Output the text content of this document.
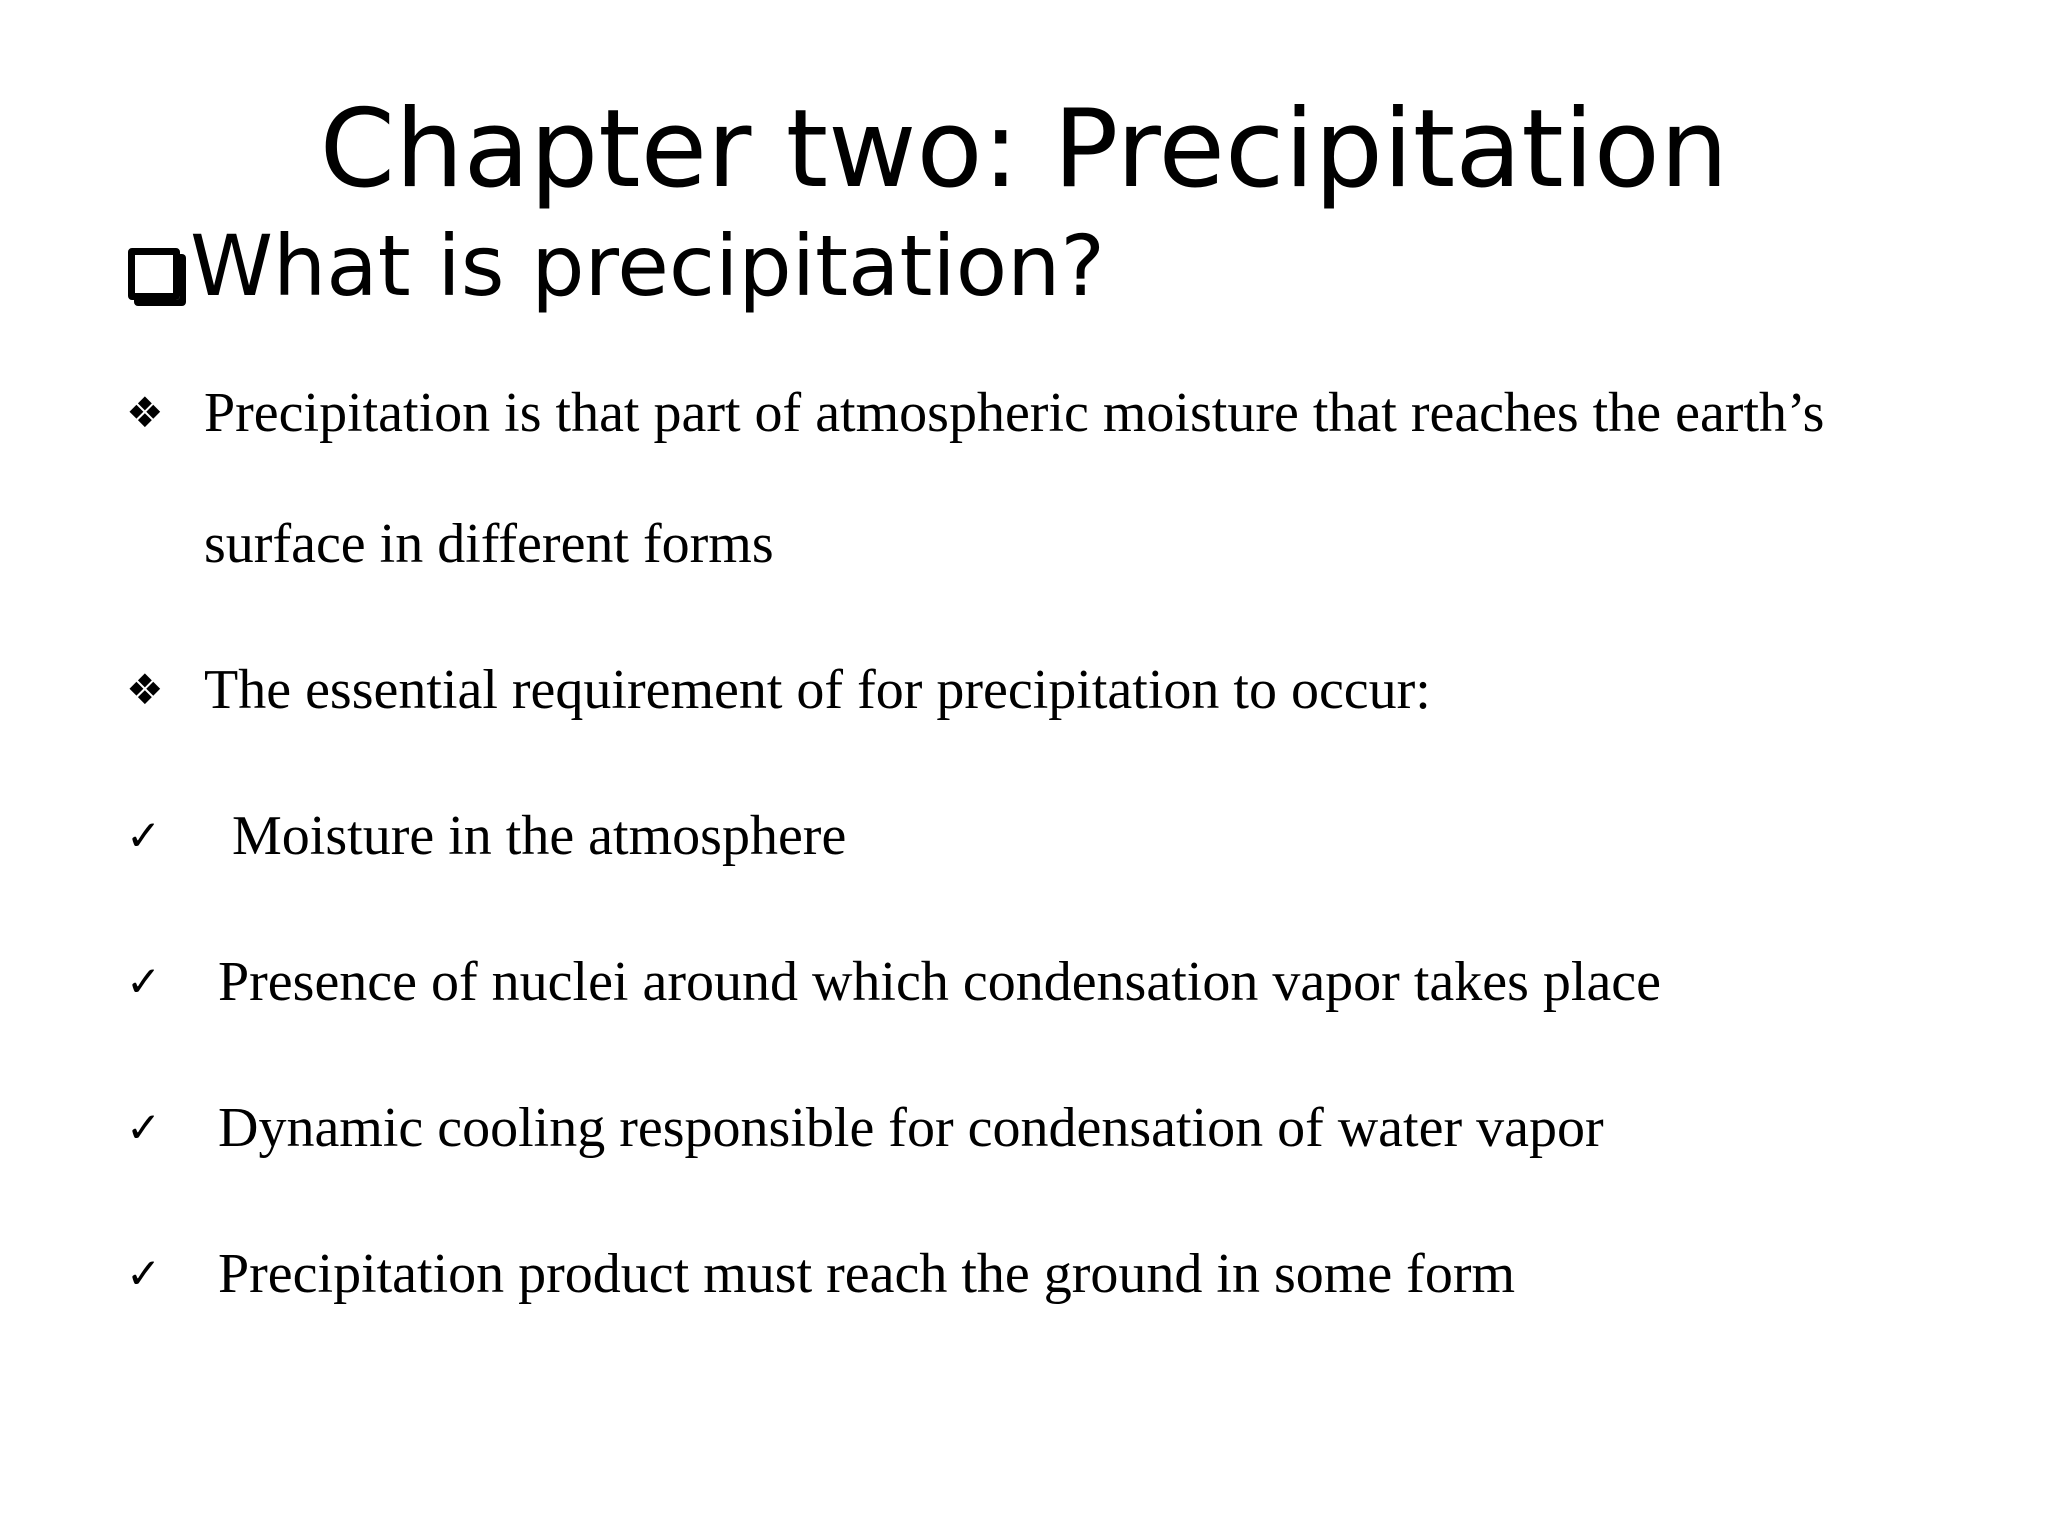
Chapter two: Precipitation
What is precipitation?
❖ Precipitation is that part of atmospheric moisture that reaches the earth’s
surface in different forms
❖ The essential requirement of for precipitation to occur:
✓ Moisture in the atmosphere
✓ Presence of nuclei around which condensation vapor takes place
✓ Dynamic cooling responsible for condensation of water vapor
✓ Precipitation product must reach the ground in some form
